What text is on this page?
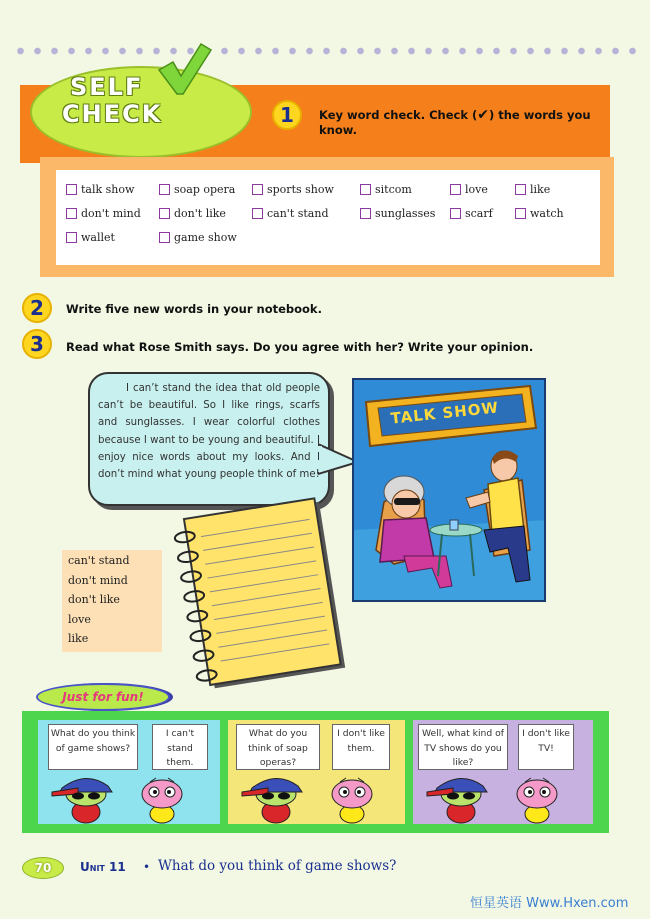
SELF
CHECK	1	Key word check. Check (✔) the words you know.
talk show	soap opera	sports show	sitcom	love	like
don't mind	don't like	can't stand	sunglasses	scarf	watch
wallet	game show
2	Write five new words in your notebook.
3	Read what Rose Smith says. Do you agree with her? Write your opinion.
I can’t stand the idea that old people can’t be beautiful. So I like rings, scarfs and sunglasses. I wear colorful clothes because I want to be young and beautiful. I enjoy nice words about my looks. And I don’t mind what young people think of me!
TALK SHOW
can't stand
don't mind
don't like
love
like
Just for fun!
What do you think of game shows?
I can't stand them.
What do you think of soap operas?
I don't like them.
Well, what kind of TV shows do you like?
I don't like TV!
70	Unit 11 • What do you think of game shows?
恒星英语 Www.Hxen.com
